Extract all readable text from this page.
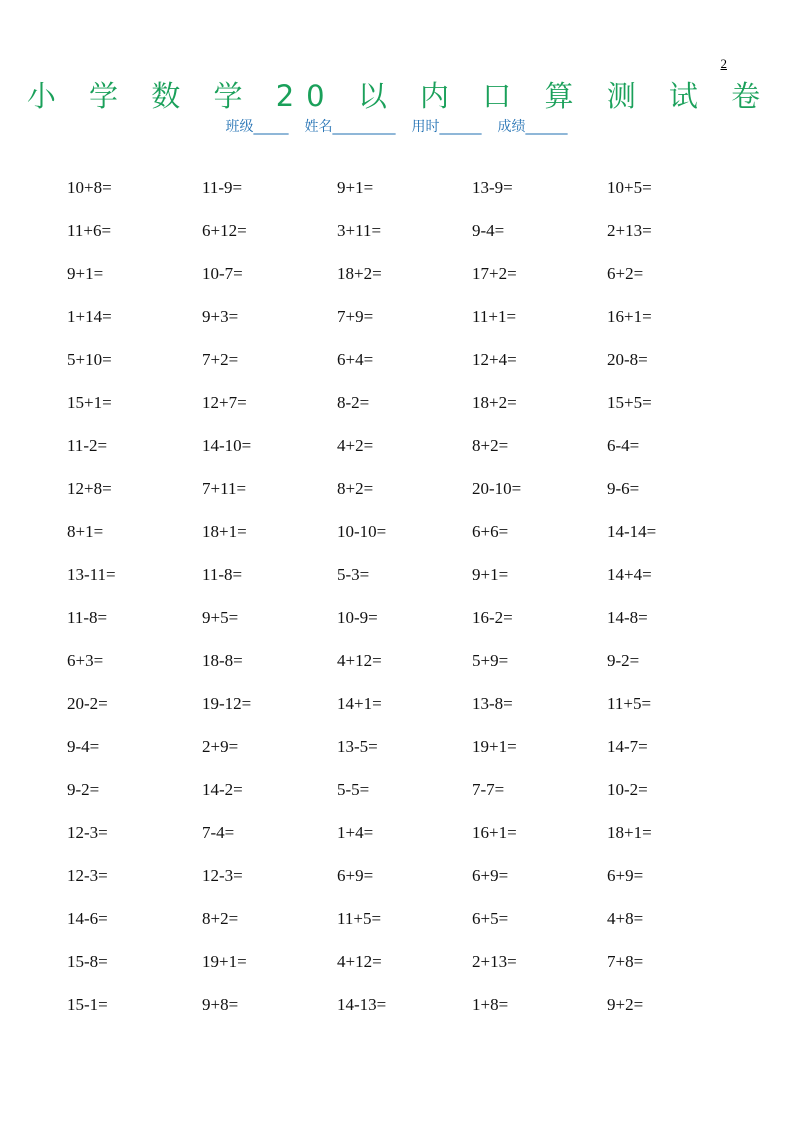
2
小 学 数 学 20 以 内 口 算 测 试 卷
班级_____ 姓名_________ 用时______ 成绩______
10+8=	11-9=	9+1=	13-9=	10+5=
11+6=	6+12=	3+11=	9-4=	2+13=
9+1=	10-7=	18+2=	17+2=	6+2=
1+14=	9+3=	7+9=	11+1=	16+1=
5+10=	7+2=	6+4=	12+4=	20-8=
15+1=	12+7=	8-2=	18+2=	15+5=
11-2=	14-10=	4+2=	8+2=	6-4=
12+8=	7+11=	8+2=	20-10=	9-6=
8+1=	18+1=	10-10=	6+6=	14-14=
13-11=	11-8=	5-3=	9+1=	14+4=
11-8=	9+5=	10-9=	16-2=	14-8=
6+3=	18-8=	4+12=	5+9=	9-2=
20-2=	19-12=	14+1=	13-8=	11+5=
9-4=	2+9=	13-5=	19+1=	14-7=
9-2=	14-2=	5-5=	7-7=	10-2=
12-3=	7-4=	1+4=	16+1=	18+1=
12-3=	12-3=	6+9=	6+9=	6+9=
14-6=	8+2=	11+5=	6+5=	4+8=
15-8=	19+1=	4+12=	2+13=	7+8=
15-1=	9+8=	14-13=	1+8=	9+2=
